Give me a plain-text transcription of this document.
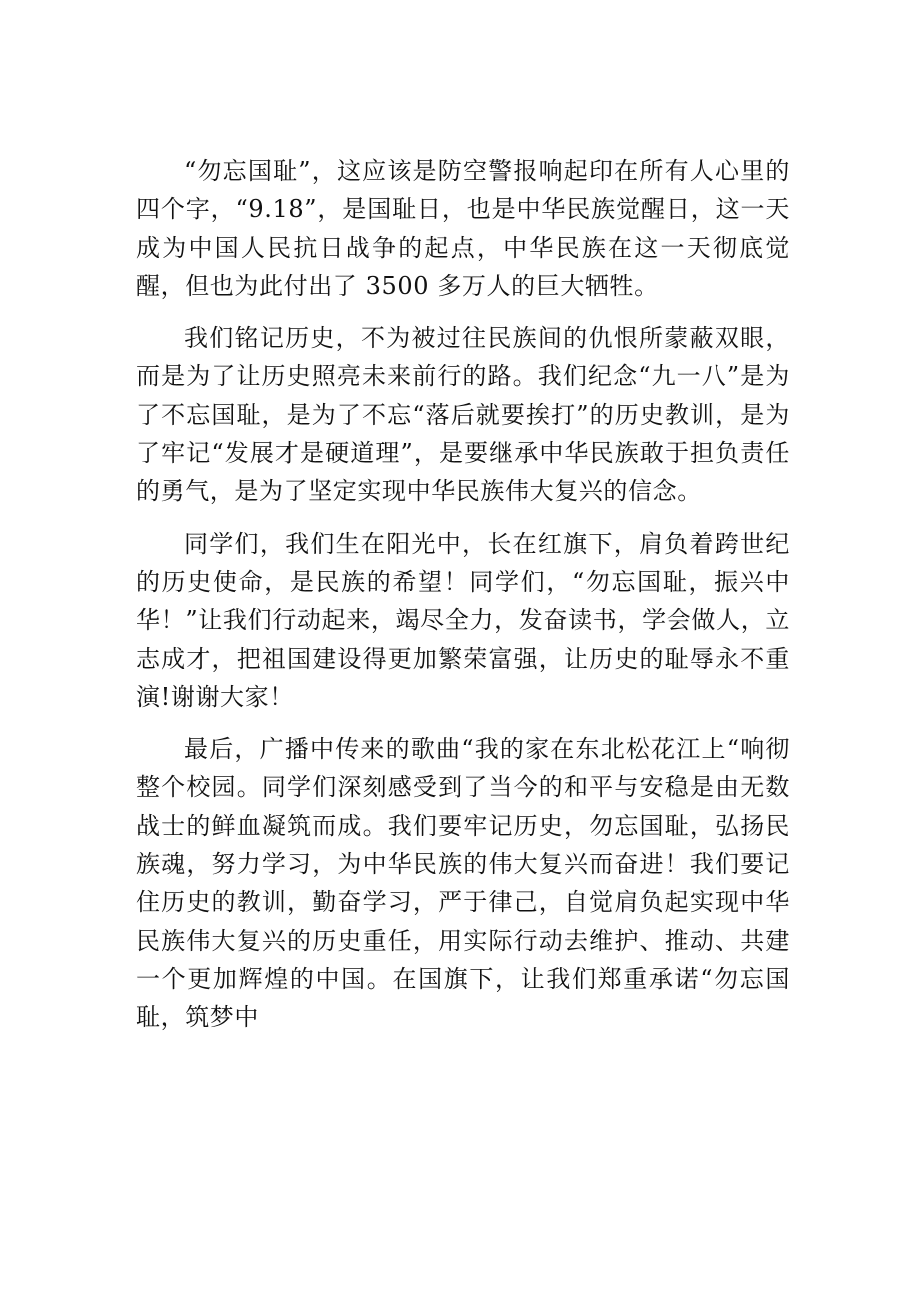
“勿忘国耻”，这应该是防空警报响起印在所有人心里的四个字，“9.18”，是国耻日，也是中华民族觉醒日，这一天成为中国人民抗日战争的起点，中华民族在这一天彻底觉醒，但也为此付出了 3500 多万人的巨大牺牲。

我们铭记历史，不为被过往民族间的仇恨所蒙蔽双眼，而是为了让历史照亮未来前行的路。我们纪念“九一八”是为了不忘国耻，是为了不忘“落后就要挨打”的历史教训，是为了牢记“发展才是硬道理”，是要继承中华民族敢于担负责任的勇气，是为了坚定实现中华民族伟大复兴的信念。

同学们，我们生在阳光中，长在红旗下，肩负着跨世纪的历史使命，是民族的希望！同学们，“勿忘国耻，振兴中华！”让我们行动起来，竭尽全力，发奋读书，学会做人，立志成才，把祖国建设得更加繁荣富强，让历史的耻辱永不重演!谢谢大家！

最后，广播中传来的歌曲“我的家在东北松花江上“响彻整个校园。同学们深刻感受到了当今的和平与安稳是由无数战士的鲜血凝筑而成。我们要牢记历史，勿忘国耻，弘扬民族魂，努力学习，为中华民族的伟大复兴而奋进！我们要记住历史的教训，勤奋学习，严于律己，自觉肩负起实现中华民族伟大复兴的历史重任，用实际行动去维护、推动、共建一个更加辉煌的中国。在国旗下，让我们郑重承诺“勿忘国耻，筑梦中
